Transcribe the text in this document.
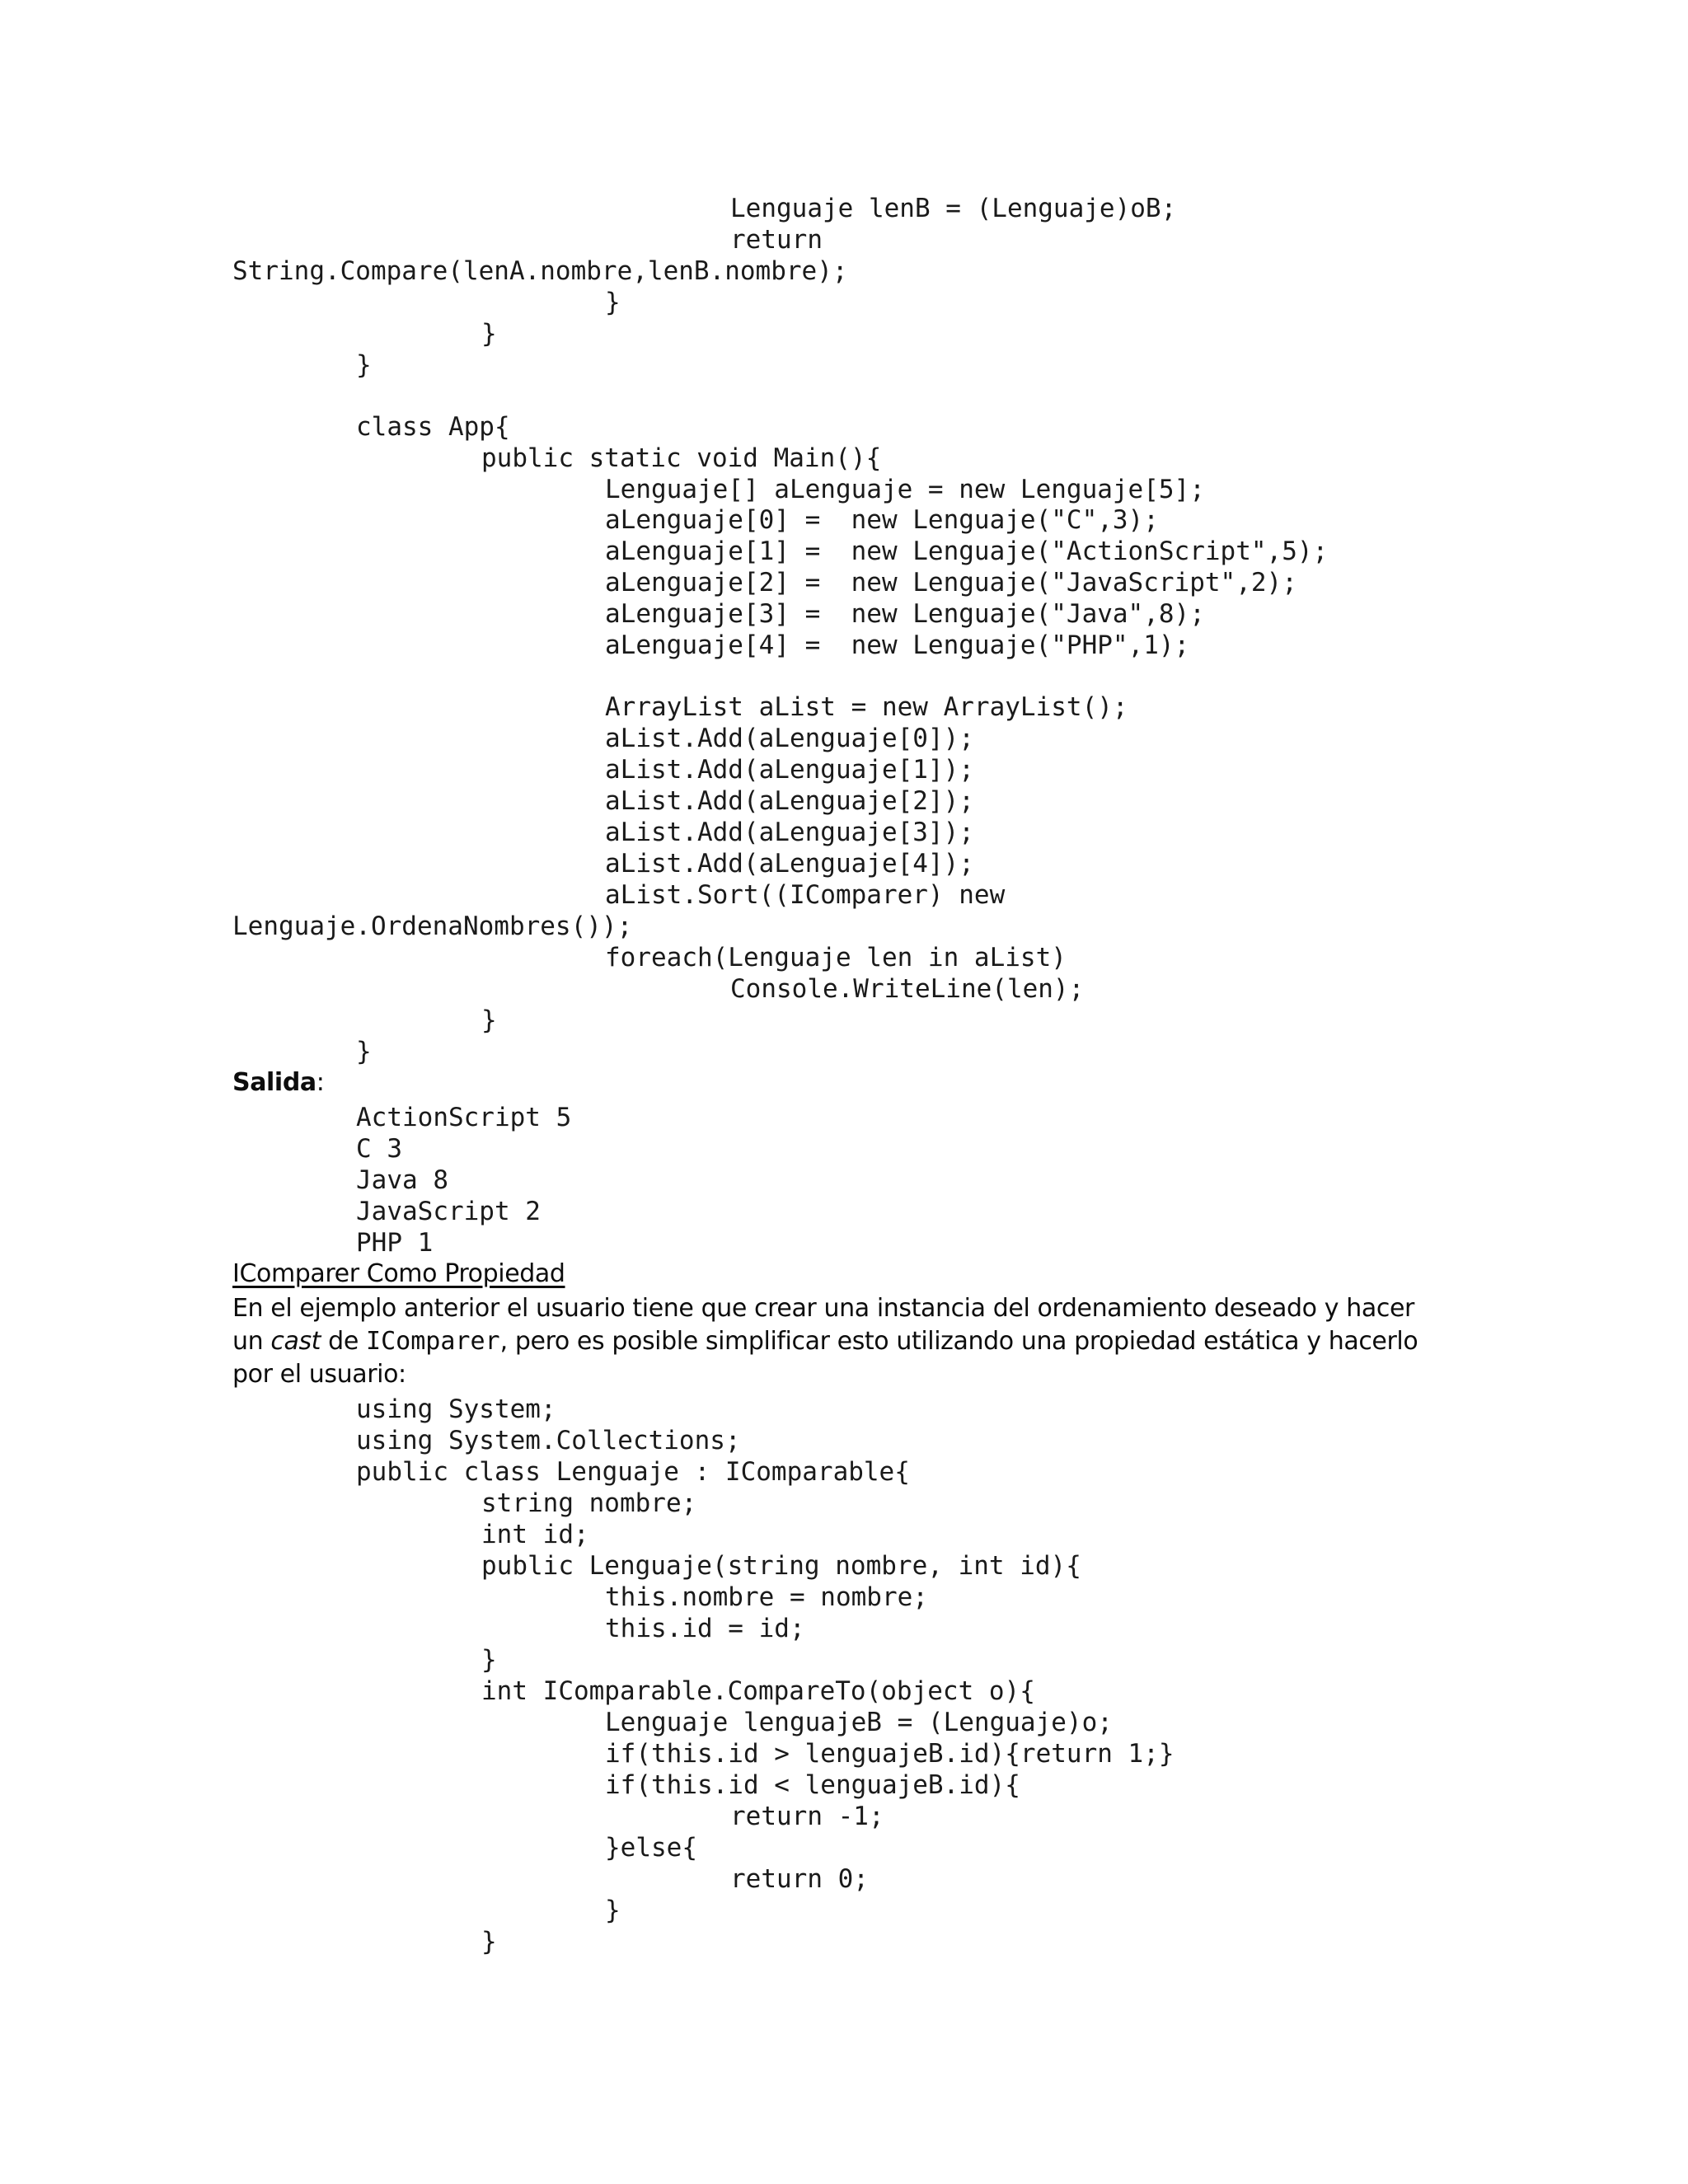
Lenguaje lenB = (Lenguaje)oB;
return
String.Compare(lenA.nombre,lenB.nombre);
}
}
}
class App{
public static void Main(){
Lenguaje[] aLenguaje = new Lenguaje[5];
aLenguaje[0] =  new Lenguaje("C",3);
aLenguaje[1] =  new Lenguaje("ActionScript",5);
aLenguaje[2] =  new Lenguaje("JavaScript",2);
aLenguaje[3] =  new Lenguaje("Java",8);
aLenguaje[4] =  new Lenguaje("PHP",1);
ArrayList aList = new ArrayList();
aList.Add(aLenguaje[0]);
aList.Add(aLenguaje[1]);
aList.Add(aLenguaje[2]);
aList.Add(aLenguaje[3]);
aList.Add(aLenguaje[4]);
aList.Sort((IComparer) new
Lenguaje.OrdenaNombres());
foreach(Lenguaje len in aList)
Console.WriteLine(len);
}
}
Salida:
ActionScript 5
C 3
Java 8
JavaScript 2
PHP 1
IComparer Como Propiedad
En el ejemplo anterior el usuario tiene que crear una instancia del ordenamiento deseado y hacer
un cast de IComparer, pero es posible simplificar esto utilizando una propiedad estática y hacerlo
por el usuario:
using System;
using System.Collections;
public class Lenguaje : IComparable{
string nombre;
int id;
public Lenguaje(string nombre, int id){
this.nombre = nombre;
this.id = id;
}
int IComparable.CompareTo(object o){
Lenguaje lenguajeB = (Lenguaje)o;
if(this.id > lenguajeB.id){return 1;}
if(this.id < lenguajeB.id){
return -1;
}else{
return 0;
}
}
